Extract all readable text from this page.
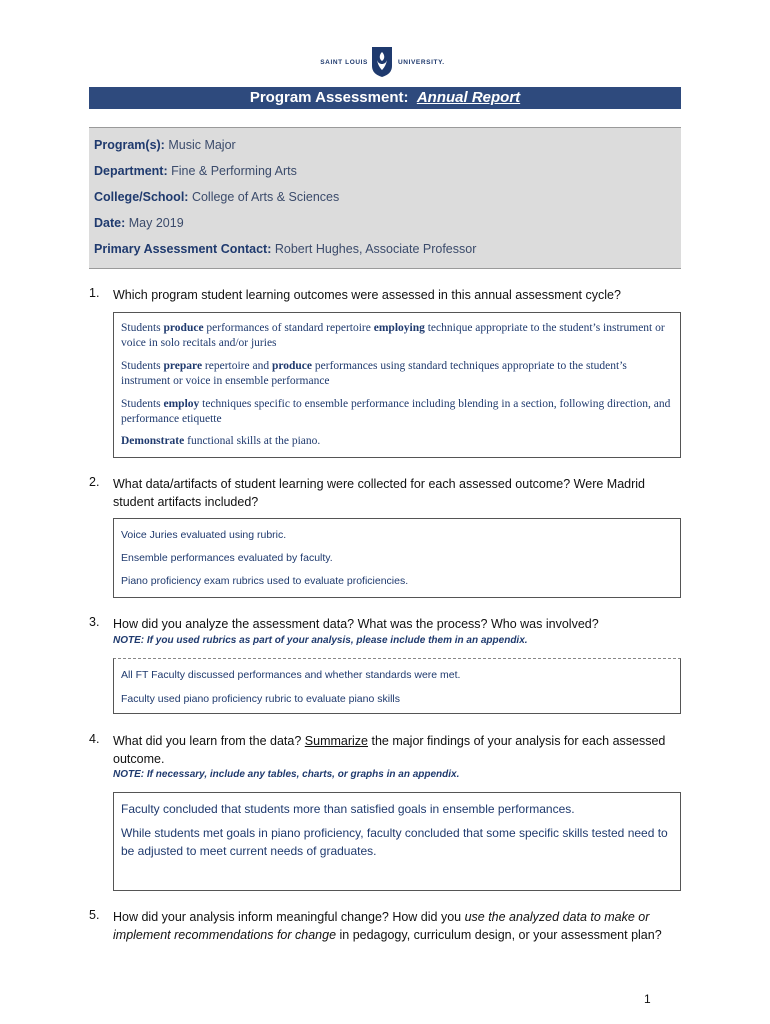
SAINT LOUIS	UNIVERSITY.
Program Assessment: Annual Report
Program(s): Music Major
Department: Fine & Performing Arts
College/School: College of Arts & Sciences
Date: May 2019
Primary Assessment Contact: Robert Hughes, Associate Professor
1. Which program student learning outcomes were assessed in this annual assessment cycle?
Students produce performances of standard repertoire employing technique appropriate to the student’s instrument or voice in solo recitals and/or juries
Students prepare repertoire and produce performances using standard techniques appropriate to the student’s instrument or voice in ensemble performance
Students employ techniques specific to ensemble performance including blending in a section, following direction, and performance etiquette
Demonstrate functional skills at the piano.
2. What data/artifacts of student learning were collected for each assessed outcome? Were Madrid student artifacts included?
Voice Juries evaluated using rubric.
Ensemble performances evaluated by faculty.
Piano proficiency exam rubrics used to evaluate proficiencies.
3. How did you analyze the assessment data? What was the process? Who was involved?
NOTE: If you used rubrics as part of your analysis, please include them in an appendix.
All FT Faculty discussed performances and whether standards were met.
Faculty used piano proficiency rubric to evaluate piano skills
4. What did you learn from the data? Summarize the major findings of your analysis for each assessed outcome.
NOTE: If necessary, include any tables, charts, or graphs in an appendix.
Faculty concluded that students more than satisfied goals in ensemble performances.
While students met goals in piano proficiency, faculty concluded that some specific skills tested need to be adjusted to meet current needs of graduates.
5. How did your analysis inform meaningful change? How did you use the analyzed data to make or implement recommendations for change in pedagogy, curriculum design, or your assessment plan?
1
